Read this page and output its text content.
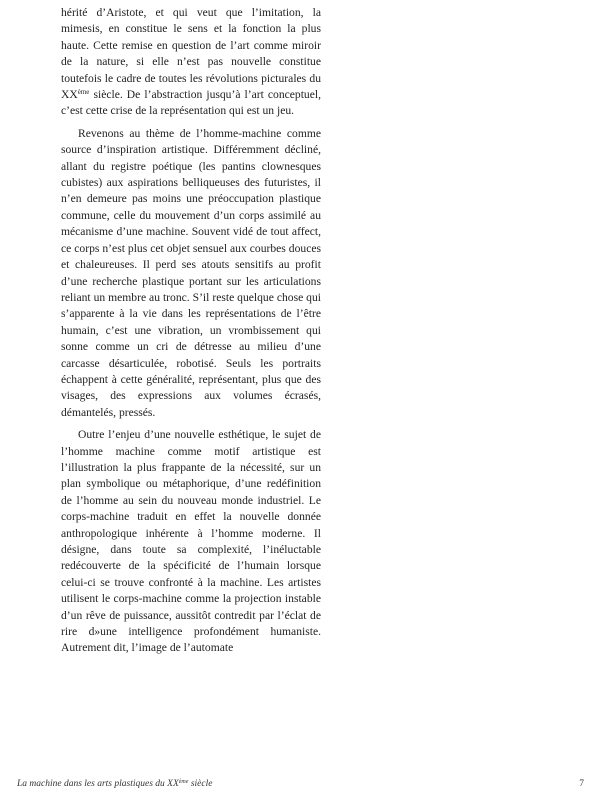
hérité d’Aristote, et qui veut que l’imitation, la mimesis, en constitue le sens et la fonction la plus haute. Cette remise en question de l’art comme miroir de la nature, si elle n’est pas nouvelle constitue toutefois le cadre de toutes les révolutions picturales du XXème siècle. De l’abstraction jusqu’à l’art conceptuel, c’est cette crise de la représentation qui est un jeu.

Revenons au thème de l’homme-machine comme source d’inspiration artistique. Différemment décliné, allant du registre poétique (les pantins clownesques cubistes) aux aspirations belliqueuses des futuristes, il n’en demeure pas moins une préoccupation plastique commune, celle du mouvement d’un corps assimilé au mécanisme d’une machine. Souvent vidé de tout affect, ce corps n’est plus cet objet sensuel aux courbes douces et chaleureuses. Il perd ses atouts sensitifs au profit d’une recherche plastique portant sur les articulations reliant un membre au tronc. S’il reste quelque chose qui s’apparente à la vie dans les représentations de l’être humain, c’est une vibration, un vrombissement qui sonne comme un cri de détresse au milieu d’une carcasse désarticulée, robotisé. Seuls les portraits échappent à cette généralité, représentant, plus que des visages, des expressions aux volumes écrasés, démantelés, pressés.

Outre l’enjeu d’une nouvelle esthétique, le sujet de l’homme machine comme motif artistique est l’illustration la plus frappante de la nécessité, sur un plan symbolique ou métaphorique, d’une redéfinition de l’homme au sein du nouveau monde industriel. Le corps-machine traduit en effet la nouvelle donnée anthropologique inhérente à l’homme moderne. Il désigne, dans toute sa complexité, l’inéluctable redécouverte de la spécificité de l’humain lorsque celui-ci se trouve confronté à la machine. Les artistes utilisent le corps-machine comme la projection instable d’un rêve de puissance, aussitôt contredit par l’éclat de rire d»une intelligence profondément humaniste. Autrement dit, l’image de l’automate

La machine dans les arts plastiques du XXème siècle	7
